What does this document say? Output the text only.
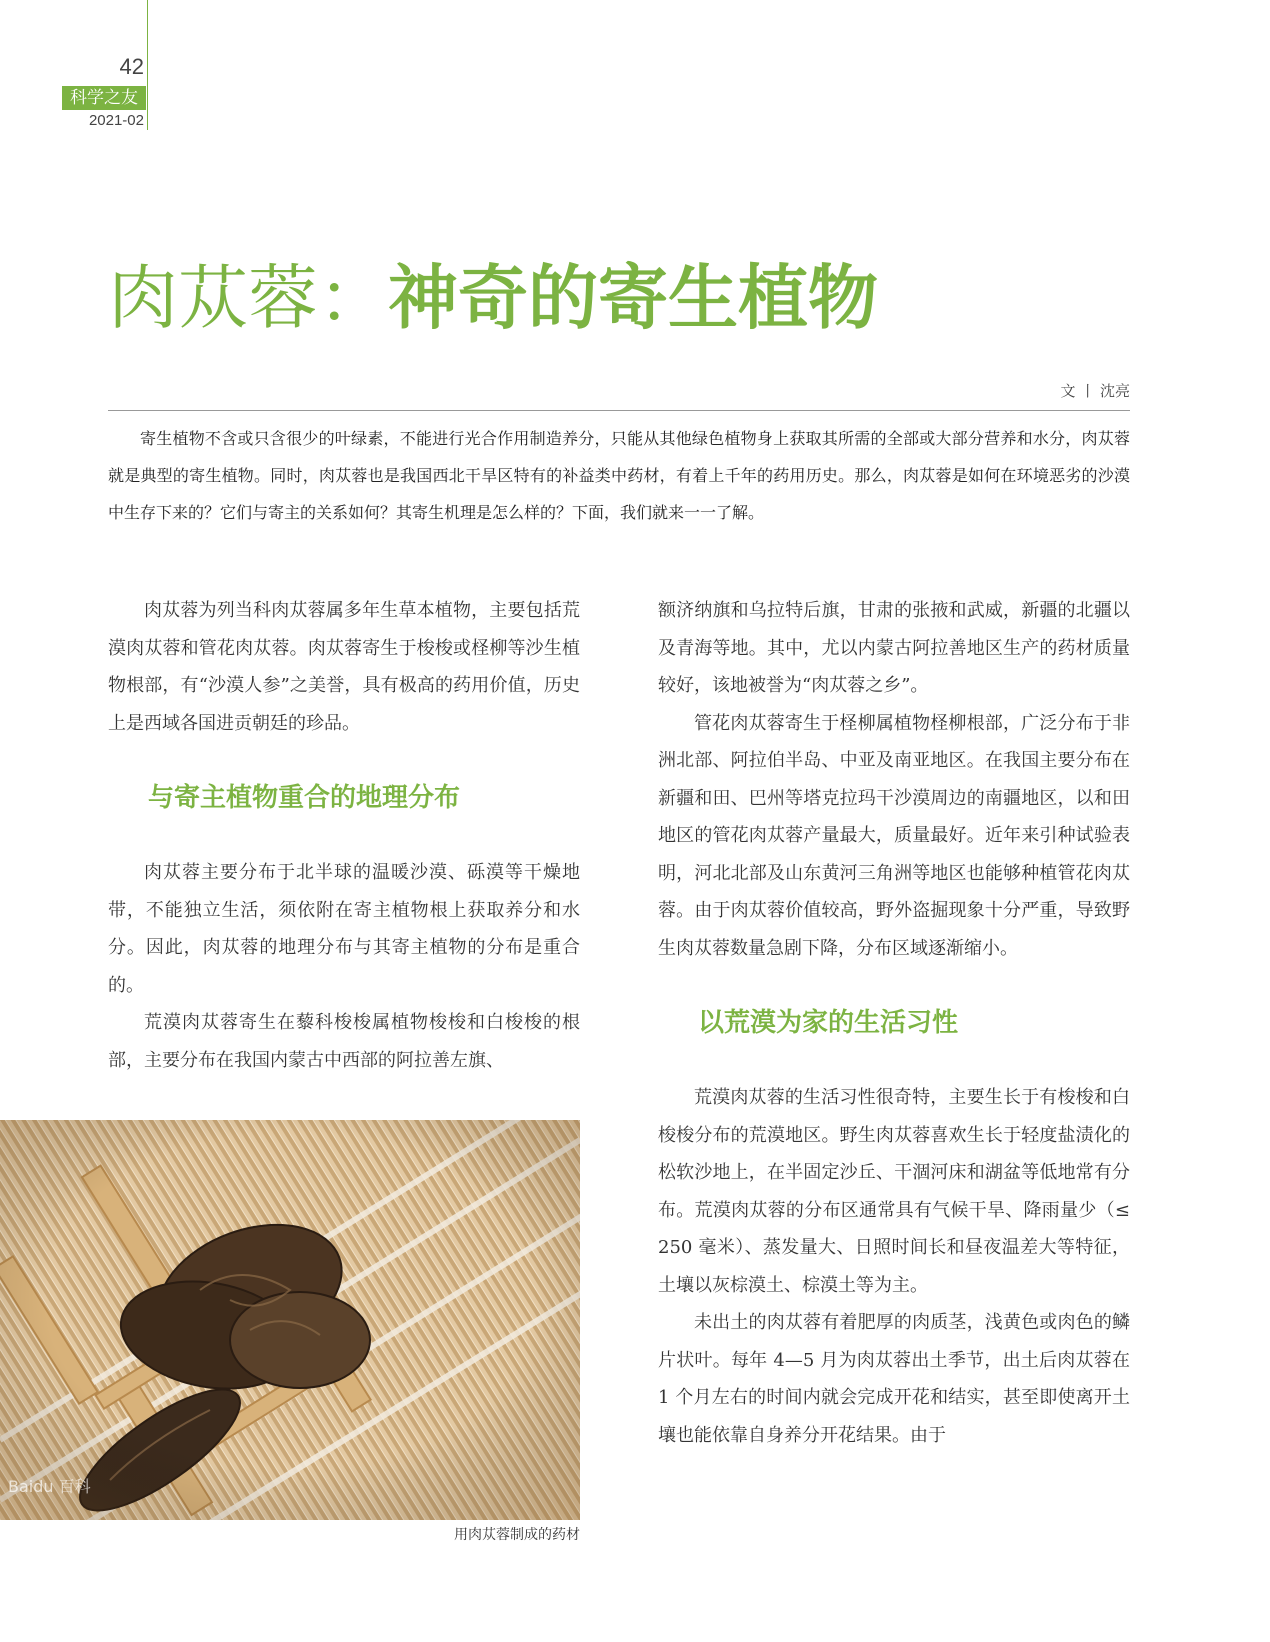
42
科学之友
2021-02
肉苁蓉：神奇的寄生植物
文 丨 沈亮

寄生植物不含或只含很少的叶绿素，不能进行光合作用制造养分，只能从其他绿色植物身上获取其所需的全部或大部分营养和水分，肉苁蓉就是典型的寄生植物。同时，肉苁蓉也是我国西北干旱区特有的补益类中药材，有着上千年的药用历史。那么，肉苁蓉是如何在环境恶劣的沙漠中生存下来的？它们与寄主的关系如何？其寄生机理是怎么样的？下面，我们就来一一了解。

肉苁蓉为列当科肉苁蓉属多年生草本植物，主要包括荒漠肉苁蓉和管花肉苁蓉。肉苁蓉寄生于梭梭或柽柳等沙生植物根部，有“沙漠人参”之美誉，具有极高的药用价值，历史上是西域各国进贡朝廷的珍品。

与寄主植物重合的地理分布

肉苁蓉主要分布于北半球的温暖沙漠、砾漠等干燥地带，不能独立生活，须依附在寄主植物根上获取养分和水分。因此，肉苁蓉的地理分布与其寄主植物的分布是重合的。

荒漠肉苁蓉寄生在藜科梭梭属植物梭梭和白梭梭的根部，主要分布在我国内蒙古中西部的阿拉善左旗、

额济纳旗和乌拉特后旗，甘肃的张掖和武威，新疆的北疆以及青海等地。其中，尤以内蒙古阿拉善地区生产的药材质量较好，该地被誉为“肉苁蓉之乡”。

管花肉苁蓉寄生于柽柳属植物柽柳根部，广泛分布于非洲北部、阿拉伯半岛、中亚及南亚地区。在我国主要分布在新疆和田、巴州等塔克拉玛干沙漠周边的南疆地区，以和田地区的管花肉苁蓉产量最大，质量最好。近年来引种试验表明，河北北部及山东黄河三角洲等地区也能够种植管花肉苁蓉。由于肉苁蓉价值较高，野外盗掘现象十分严重，导致野生肉苁蓉数量急剧下降，分布区域逐渐缩小。

以荒漠为家的生活习性

荒漠肉苁蓉的生活习性很奇特，主要生长于有梭梭和白梭梭分布的荒漠地区。野生肉苁蓉喜欢生长于轻度盐渍化的松软沙地上，在半固定沙丘、干涸河床和湖盆等低地常有分布。荒漠肉苁蓉的分布区通常具有气候干旱、降雨量少（≤ 250 毫米）、蒸发量大、日照时间长和昼夜温差大等特征，土壤以灰棕漠土、棕漠土等为主。

未出土的肉苁蓉有着肥厚的肉质茎，浅黄色或肉色的鳞片状叶。每年 4—5 月为肉苁蓉出土季节，出土后肉苁蓉在 1 个月左右的时间内就会完成开花和结实，甚至即使离开土壤也能依靠自身养分开花结果。由于

Baidu 百科
用肉苁蓉制成的药材
